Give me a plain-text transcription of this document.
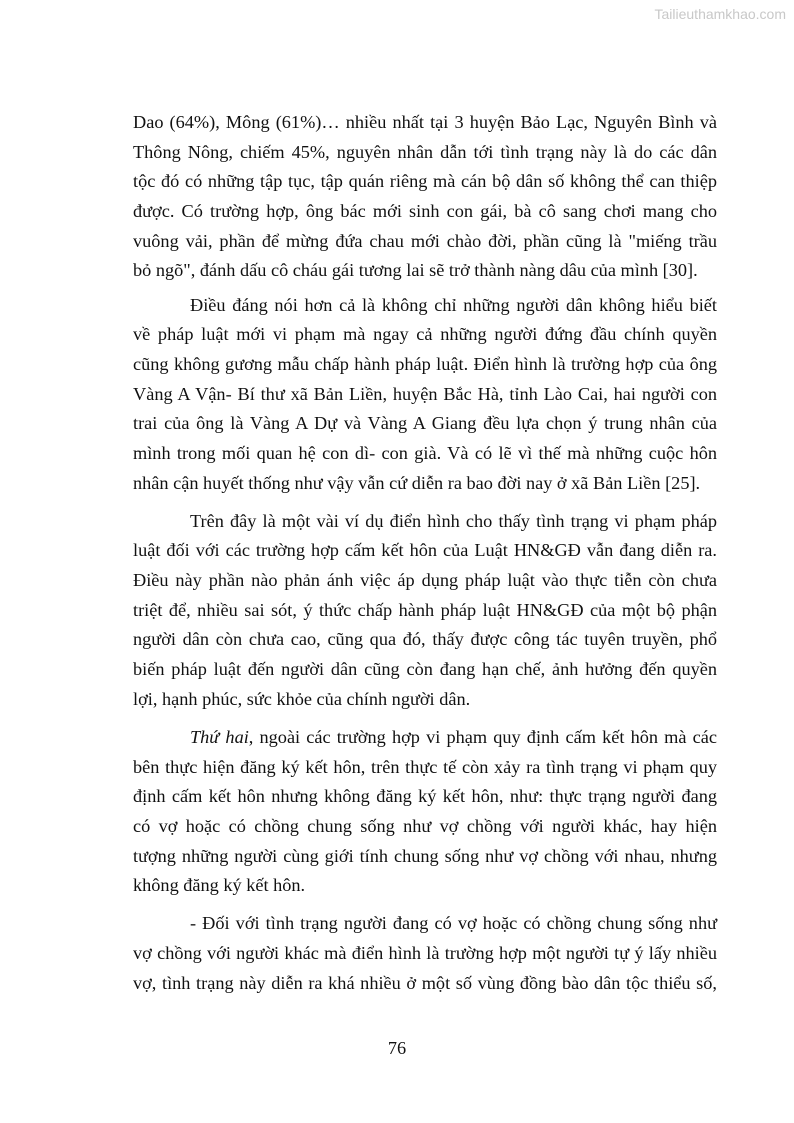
Tailieuthamkhao.com
Dao (64%), Mông (61%)… nhiều nhất tại 3 huyện Bảo Lạc, Nguyên Bình và
Thông Nông, chiếm 45%, nguyên nhân dẫn tới tình trạng này là do các dân
tộc đó có những tập tục, tập quán riêng mà cán bộ dân số không thể can thiệp
được. Có trường hợp, ông bác mới sinh con gái, bà cô sang chơi mang cho
vuông vải, phần để mừng đứa chau mới chào đời, phần cũng là "miếng trầu
bỏ ngõ", đánh dấu cô cháu gái tương lai sẽ trở thành nàng dâu của mình [30].
Điều đáng nói hơn cả là không chỉ những người dân không hiểu biết
về pháp luật mới vi phạm mà ngay cả những người đứng đầu chính quyền
cũng không gương mẫu chấp hành pháp luật. Điển hình là trường hợp của ông
Vàng A Vận- Bí thư xã Bản Liền, huyện Bắc Hà, tỉnh Lào Cai, hai người con
trai của ông là Vàng A Dự và Vàng A Giang đều lựa chọn ý trung nhân của
mình trong mối quan hệ con dì- con già. Và có lẽ vì thế mà những cuộc hôn
nhân cận huyết thống như vậy vẫn cứ diễn ra bao đời nay ở xã Bản Liền [25].
Trên đây là một vài ví dụ điển hình cho thấy tình trạng vi phạm pháp
luật đối với các trường hợp cấm kết hôn của Luật HN&GĐ vẫn đang diễn ra.
Điều này phần nào phản ánh việc áp dụng pháp luật vào thực tiễn còn chưa
triệt để, nhiều sai sót, ý thức chấp hành pháp luật HN&GĐ của một bộ phận
người dân còn chưa cao, cũng qua đó, thấy được công tác tuyên truyền, phổ
biến pháp luật đến người dân cũng còn đang hạn chế, ảnh hưởng đến quyền
lợi, hạnh phúc, sức khỏe của chính người dân.
Thứ hai, ngoài các trường hợp vi phạm quy định cấm kết hôn mà các
bên thực hiện đăng ký kết hôn, trên thực tế còn xảy ra tình trạng vi phạm quy
định cấm kết hôn nhưng không đăng ký kết hôn, như: thực trạng người đang
có vợ hoặc có chồng chung sống như vợ chồng với người khác, hay hiện
tượng những người cùng giới tính chung sống như vợ chồng với nhau, nhưng
không đăng ký kết hôn.
- Đối với tình trạng người đang có vợ hoặc có chồng chung sống như
vợ chồng với người khác mà điển hình là trường hợp một người tự ý lấy nhiều
vợ, tình trạng này diễn ra khá nhiều ở một số vùng đồng bào dân tộc thiểu số,
76
